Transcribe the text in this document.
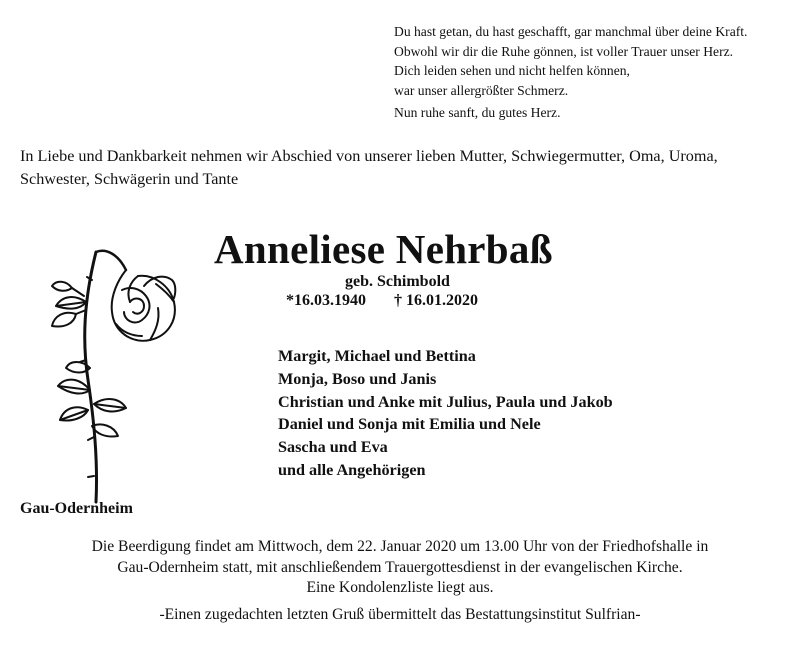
Du hast getan, du hast geschafft, gar manchmal über deine Kraft.
Obwohl wir dir die Ruhe gönnen, ist voller Trauer unser Herz.
Dich leiden sehen und nicht helfen können,
war unser allergrößter Schmerz.
Nun ruhe sanft, du gutes Herz.
In Liebe und Dankbarkeit nehmen wir Abschied von unserer lieben Mutter, Schwiegermutter, Oma, Uroma,
Schwester, Schwägerin und Tante
Anneliese Nehrbaß
geb. Schimbold
*16.03.1940 † 16.01.2020
Margit, Michael und Bettina
Monja, Boso und Janis
Christian und Anke mit Julius, Paula und Jakob
Daniel und Sonja mit Emilia und Nele
Sascha und Eva
und alle Angehörigen
Gau-Odernheim
Die Beerdigung findet am Mittwoch, dem 22. Januar 2020 um 13.00 Uhr von der Friedhofshalle in
Gau-Odernheim statt, mit anschließendem Trauergottesdienst in der evangelischen Kirche.
Eine Kondolenzliste liegt aus.
-Einen zugedachten letzten Gruß übermittelt das Bestattungsinstitut Sulfrian-
